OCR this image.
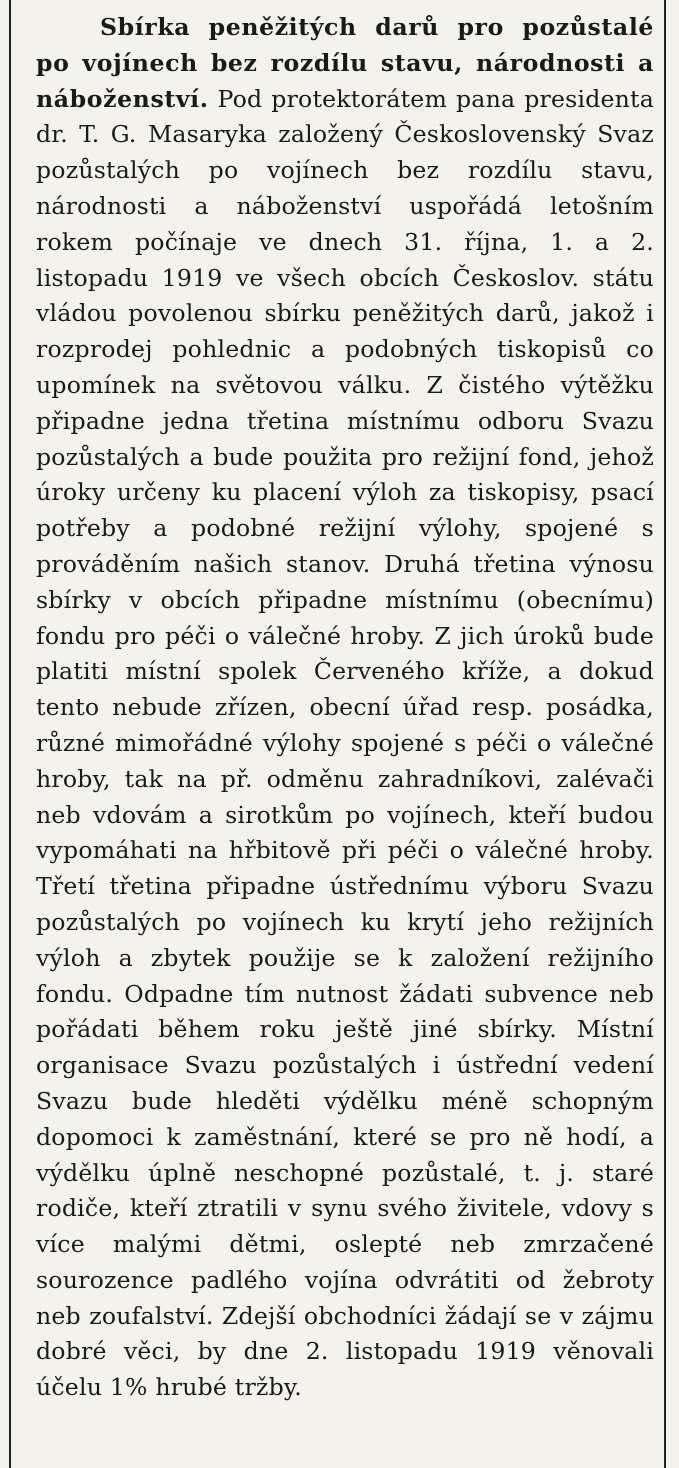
Sbírka peněžitých darů pro pozůstalé po vojínech bez rozdílu stavu, národnosti a náboženství. Pod protektorátem pana presidenta dr. T. G. Masaryka založený Československý Svaz pozůstalých po vojínech bez rozdílu stavu, národnosti a náboženství uspořádá letošním rokem počínaje ve dnech 31. října, 1. a 2. listopadu 1919 ve všech obcích Českoslov. státu vládou povolenou sbírku peněžitých darů, jakož i rozprodej pohlednic a podobných tiskopisů co upomínek na světovou válku. Z čistého výtěžku připadne jedna třetina místnímu odboru Svazu pozůstalých a bude použita pro režijní fond, jehož úroky určeny ku placení výloh za tiskopisy, psací potřeby a podobné režijní výlohy, spojené s prováděním našich stanov. Druhá třetina výnosu sbírky v obcích připadne místnímu (obecnímu) fondu pro péči o válečné hroby. Z jich úroků bude platiti místní spolek Červeného kříže, a dokud tento nebude zřízen, obecní úřad resp. posádka, různé mimořádné výlohy spojené s péči o válečné hroby, tak na př. odměnu zahradníkovi, zalévači neb vdovám a sirotkům po vojínech, kteří budou vypomáhati na hřbitově při péči o válečné hroby. Třetí třetina připadne ústřednímu výboru Svazu pozůstalých po vojínech ku krytí jeho režijních výloh a zbytek použije se k založení režijního fondu. Odpadne tím nutnost žádati subvence neb pořádati během roku ještě jiné sbírky. Místní organisace Svazu pozůstalých i ústřední vedení Svazu bude hleděti výdělku méně schopným dopomoci k zaměstnání, které se pro ně hodí, a výdělku úplně neschopné pozůstalé, t. j. staré rodiče, kteří ztratili v synu svého živitele, vdovy s více malými dětmi, oslepté neb zmrzačené sourozence padlého vojína odvrátiti od žebroty neb zoufalství. Zdejší obchodníci žádají se v zájmu dobré věci, by dne 2. listopadu 1919 věnovali účelu 1% hrubé tržby.
